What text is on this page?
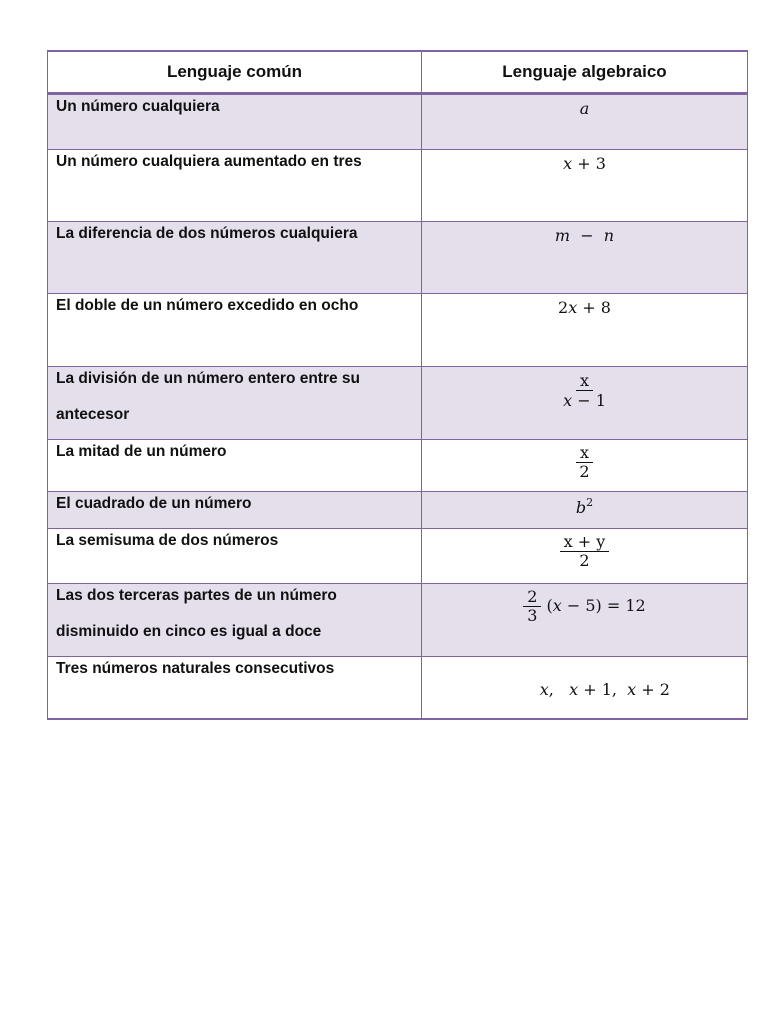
Lenguaje común	Lenguaje algebraico

Un número cualquiera	a

Un número cualquiera aumentado en tres	x + 3

La diferencia de dos números cualquiera	m  −  n

El doble de un número excedido en ocho	2x + 8

La división de un número entero entre su antecesor	$\frac{x}{x - 1}$

La mitad de un número	$\frac{x}{2}$

El cuadrado de un número	$b^2$

La semisuma de dos números	$\frac{x + y}{2}$

Las dos terceras partes de un número disminuido en cinco es igual a doce	$\frac{2}{3} (x - 5) = 12$

Tres números naturales consecutivos	x,   x + 1,  x + 2
